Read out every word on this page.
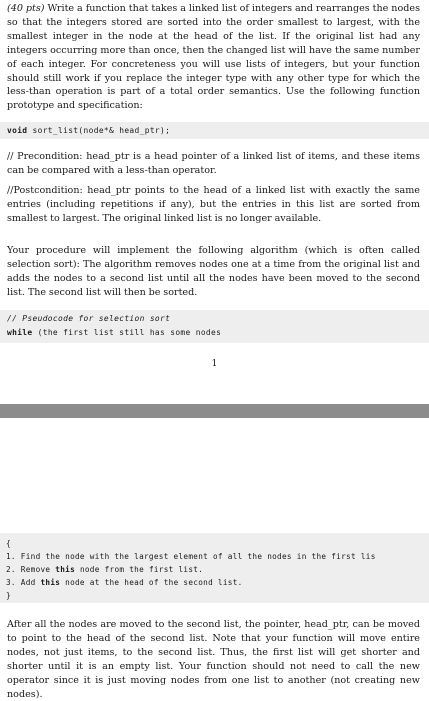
(40 pts) Write a function that takes a linked list of integers and rearranges the nodes so that the integers stored are sorted into the order smallest to largest, with the smallest integer in the node at the head of the list. If the original list had any integers occurring more than once, then the changed list will have the same number of each integer. For concreteness you will use lists of integers, but your function should still work if you replace the integer type with any other type for which the less-than operation is part of a total order semantics. Use the following function prototype and specification:

void sort_list(node*& head_ptr);

// Precondition: head_ptr is a head pointer of a linked list of items, and these items can be compared with a less-than operator.

//Postcondition: head_ptr points to the head of a linked list with exactly the same entries (including repetitions if any), but the entries in this list are sorted from smallest to largest. The original linked list is no longer available.

Your procedure will implement the following algorithm (which is often called selection sort): The algorithm removes nodes one at a time from the original list and adds the nodes to a second list until all the nodes have been moved to the second list. The second list will then be sorted.

// Pseudocode for selection sort
while (the first list still has some nodes
1
{
1. Find the node with the largest element of all the nodes in the first lis
2. Remove this node from the first list.
3. Add this node at the head of the second list.
}

After all the nodes are moved to the second list, the pointer, head_ptr, can be moved to point to the head of the second list. Note that your function will move entire nodes, not just items, to the second list. Thus, the first list will get shorter and shorter until it is an empty list. Your function should not need to call the new operator since it is just moving nodes from one list to another (not creating new nodes).
